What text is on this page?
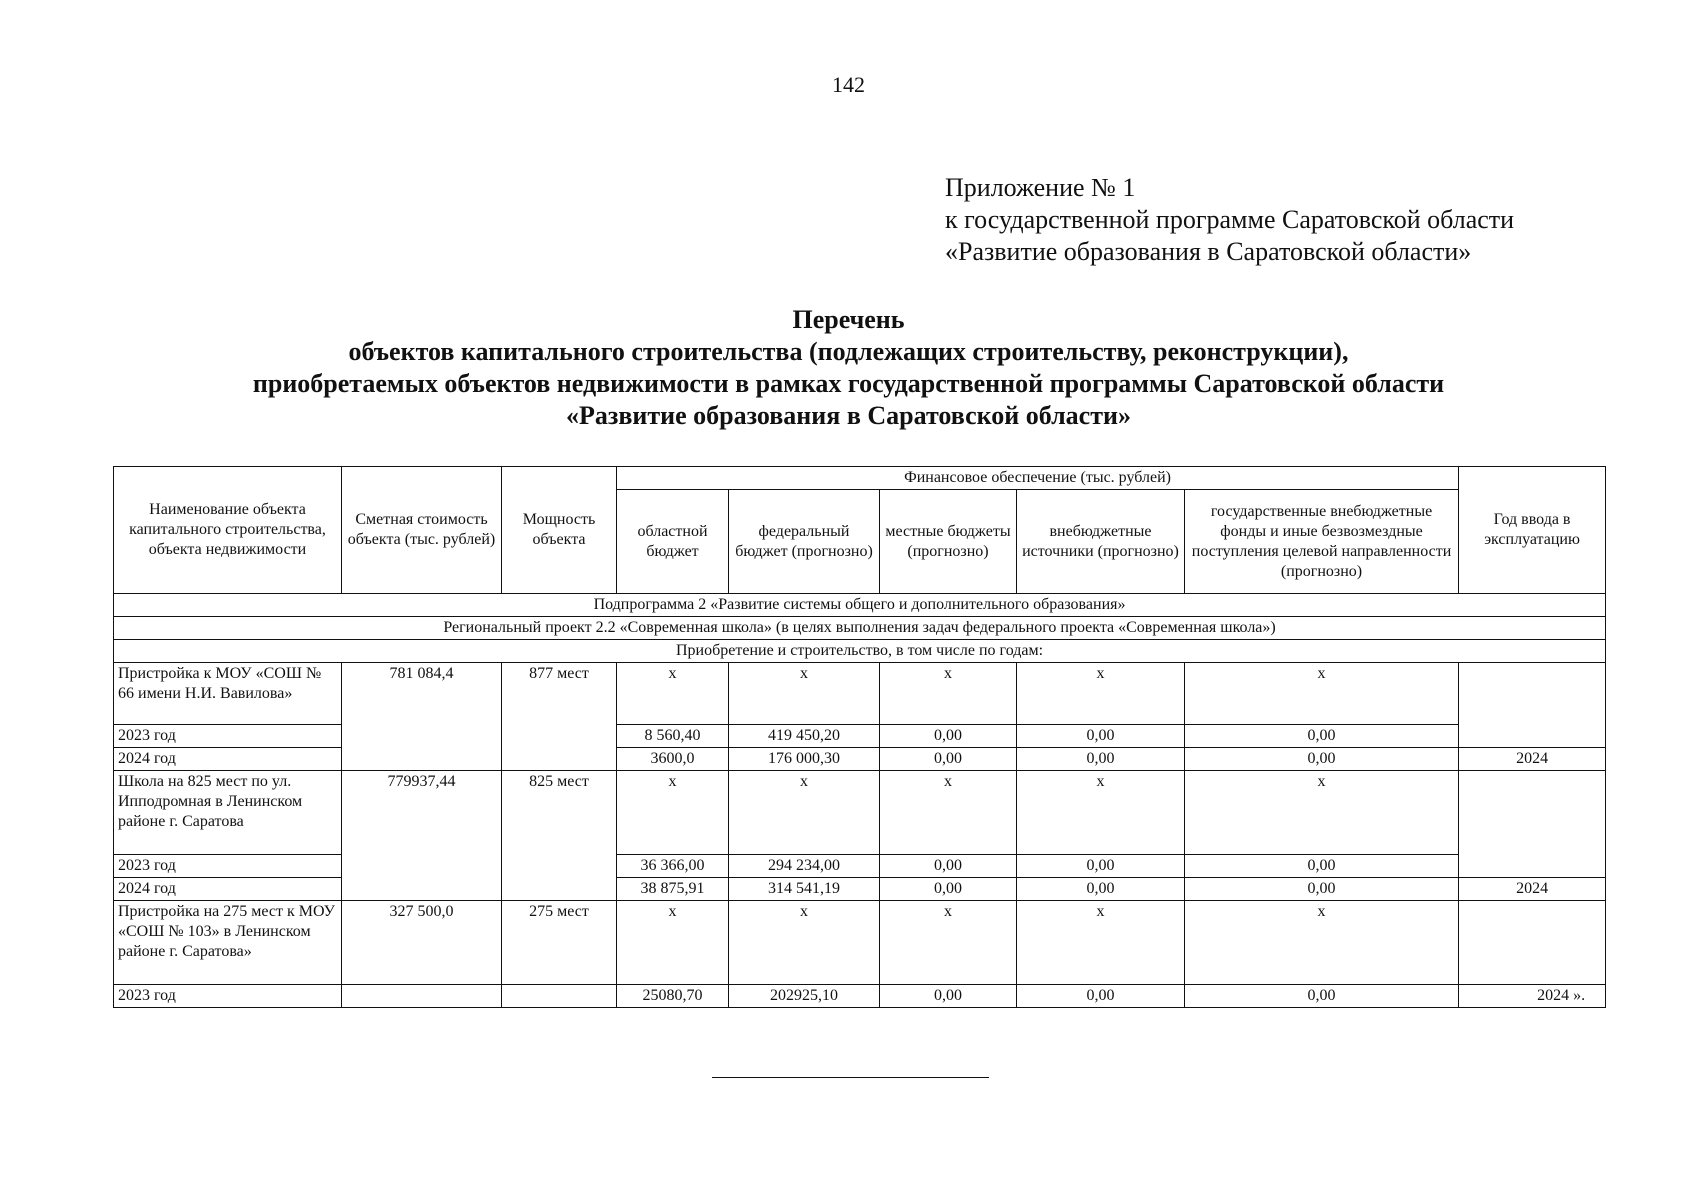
142
Приложение № 1
к государственной программе Саратовской области
«Развитие образования в Саратовской области»
Перечень
объектов капитального строительства (подлежащих строительству, реконструкции),
приобретаемых объектов недвижимости в рамках государственной программы Саратовской области
«Развитие образования в Саратовской области»
Наименование объекта капитального строительства, объекта недвижимости	Сметная стоимость объекта (тыс. рублей)	Мощность объекта	Финансовое обеспечение (тыс. рублей)					Год ввода в эксплуатацию
			областной бюджет	федеральный бюджет (прогнозно)	местные бюджеты (прогнозно)	внебюджетные источники (прогнозно)	государственные внебюджетные фонды и иные безвозмездные поступления целевой направленности (прогнозно)	
Подпрограмма 2 «Развитие системы общего и дополнительного образования»								
Региональный проект 2.2 «Современная школа» (в целях выполнения задач федерального проекта «Современная школа»)								
Приобретение и строительство, в том числе по годам:								
Пристройка к МОУ «СОШ № 66 имени Н.И. Вавилова»	781 084,4	877 мест	x	x	x	x	x	
2023 год			8 560,40	419 450,20	0,00	0,00	0,00	
2024 год			3600,0	176 000,30	0,00	0,00	0,00	2024
Школа на 825 мест по ул. Ипподромная в Ленинском районе г. Саратова	779937,44	825 мест	x	x	x	x	x	
2023 год			36 366,00	294 234,00	0,00	0,00	0,00	
2024 год			38 875,91	314 541,19	0,00	0,00	0,00	2024
Пристройка на 275 мест к МОУ «СОШ № 103» в Ленинском районе г. Саратова»	327 500,0	275 мест	x	x	x	x	x	
2023 год			25080,70	202925,10	0,00	0,00	0,00	2024 ».
